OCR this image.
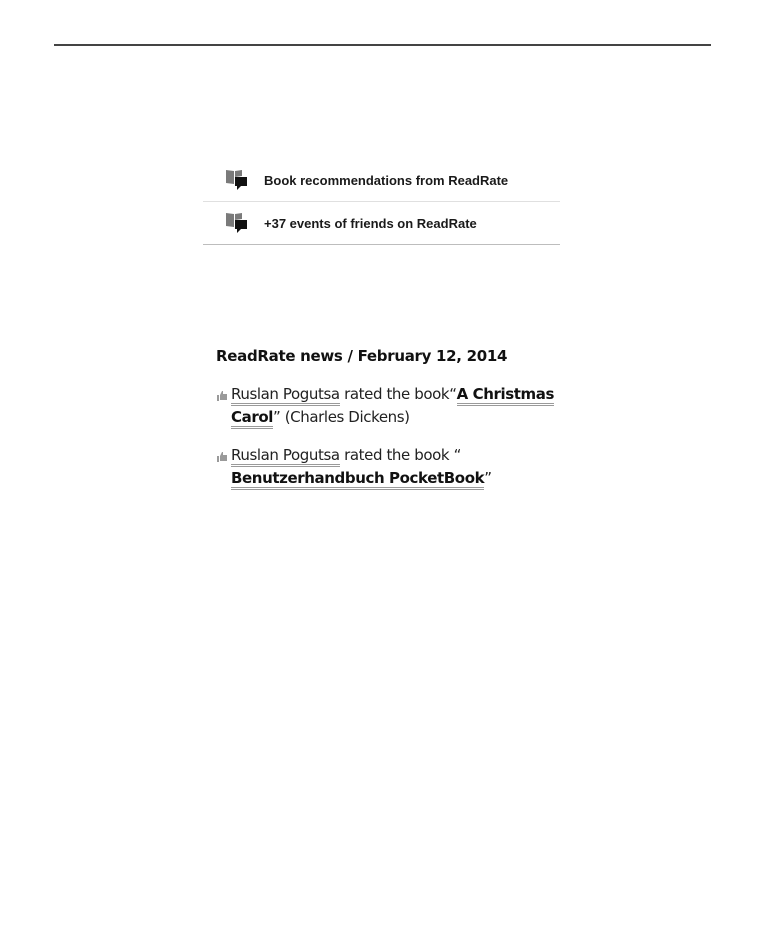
Book recommendations from ReadRate
+37 events of friends on ReadRate
ReadRate news / February 12, 2014
Ruslan Pogutsa rated the book“A Christmas Carol” (Charles Dickens)
Ruslan Pogutsa rated the book “
Benutzerhandbuch PocketBook”
